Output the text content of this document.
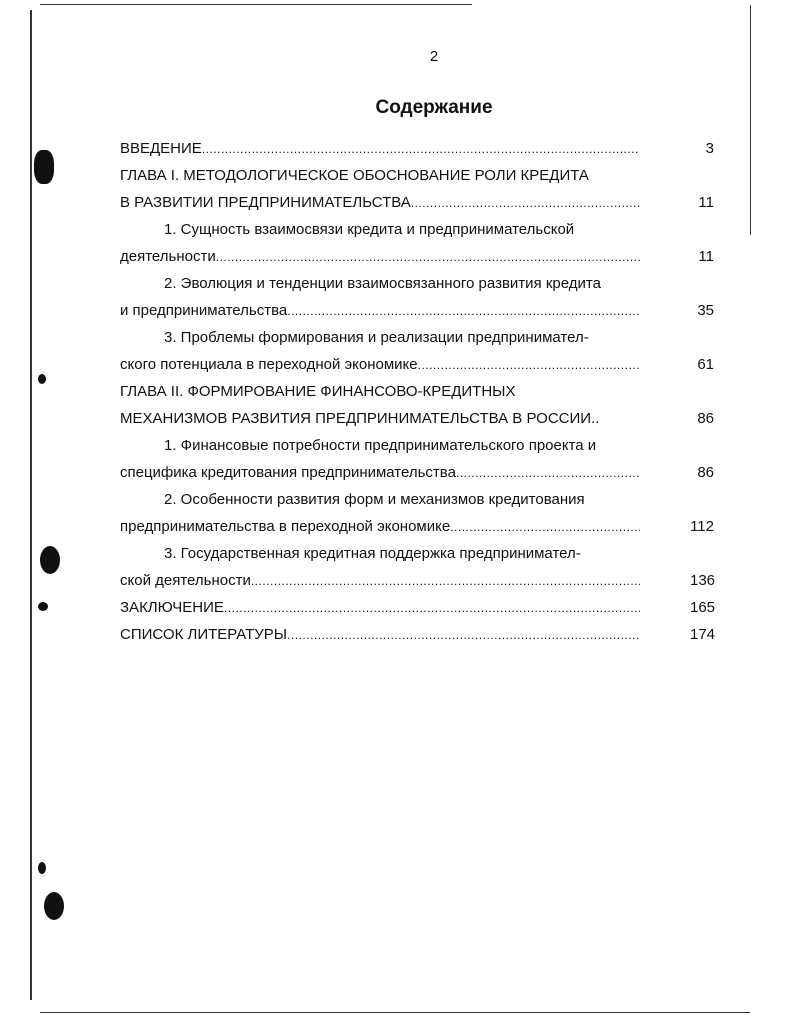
2
Содержание
ВВЕДЕНИЕ .....	3
ГЛАВА I. МЕТОДОЛОГИЧЕСКОЕ ОБОСНОВАНИЕ РОЛИ КРЕДИТА
В РАЗВИТИИ ПРЕДПРИНИМАТЕЛЬСТВА .....	11
1. Сущность взаимосвязи кредита и предпринимательской
деятельности .....	11
2. Эволюция и тенденции взаимосвязанного развития кредита
и предпринимательства .....	35
3. Проблемы формирования и реализации предпринимател-
ского потенциала в переходной экономике .....	61
ГЛАВА II. ФОРМИРОВАНИЕ ФИНАНСОВО-КРЕДИТНЫХ
МЕХАНИЗМОВ РАЗВИТИЯ ПРЕДПРИНИМАТЕЛЬСТВА В РОССИИ..	86
1. Финансовые потребности предпринимательского проекта и
специфика кредитования предпринимательства .....	86
2. Особенности развития форм и механизмов кредитования
предпринимательства в переходной экономике .....	112
3. Государственная кредитная поддержка предпринимател-
ской деятельности .....	136
ЗАКЛЮЧЕНИЕ .....	165
СПИСОК ЛИТЕРАТУРЫ .....	174
